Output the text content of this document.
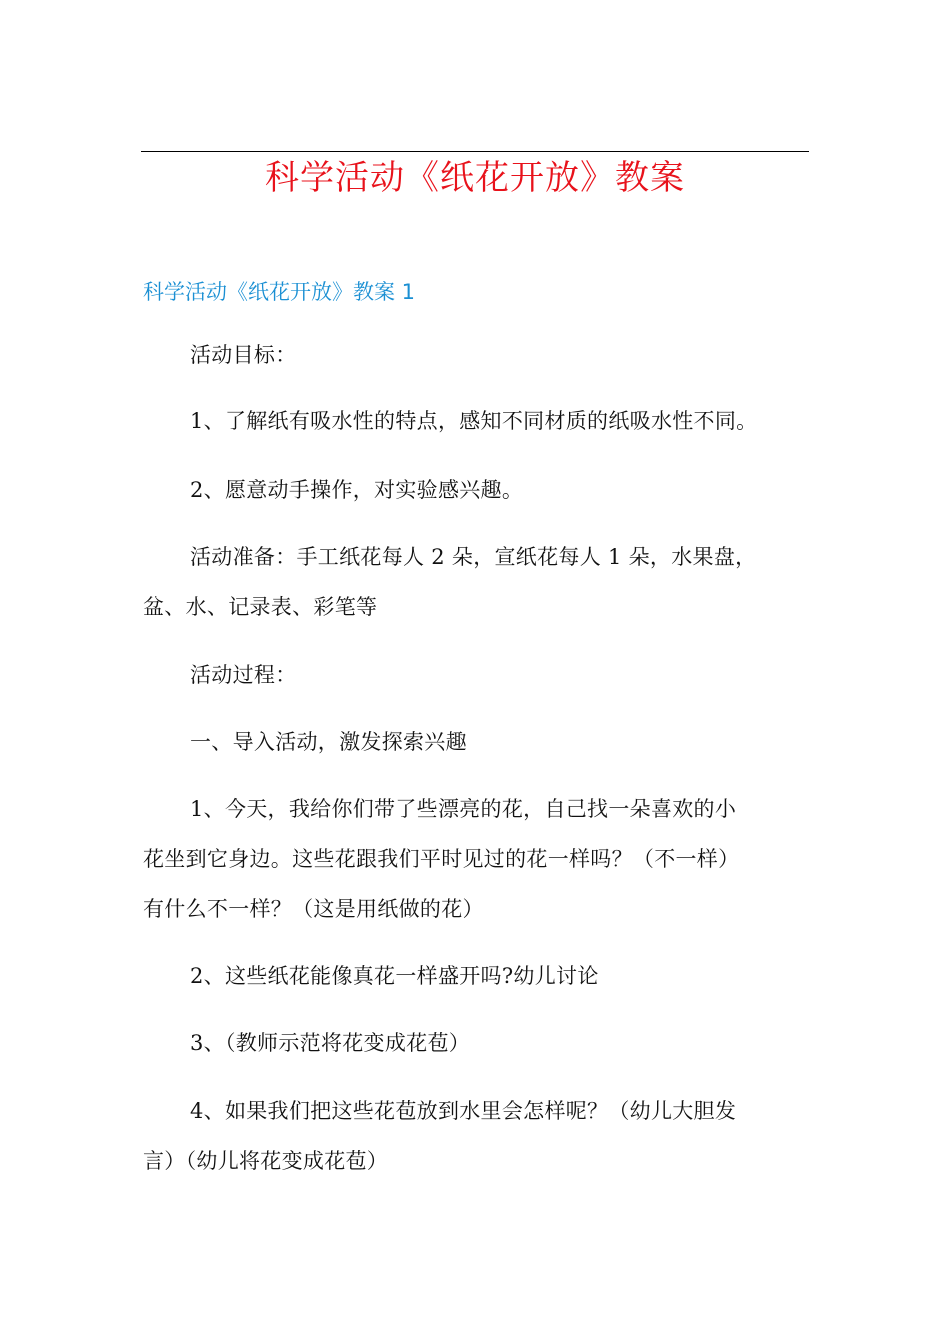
科学活动《纸花开放》教案
科学活动《纸花开放》教案 1
活动目标：
1、了解纸有吸水性的特点，感知不同材质的纸吸水性不同。
2、愿意动手操作，对实验感兴趣。
活动准备：手工纸花每人 2 朵，宣纸花每人 1 朵，水果盘，
盆、水、记录表、彩笔等
活动过程：
一、导入活动，激发探索兴趣
1、今天，我给你们带了些漂亮的花，自己找一朵喜欢的小
花坐到它身边。这些花跟我们平时见过的花一样吗？（不一样）
有什么不一样？（这是用纸做的花）
2、这些纸花能像真花一样盛开吗?幼儿讨论
3、（教师示范将花变成花苞）
4、如果我们把这些花苞放到水里会怎样呢？（幼儿大胆发
言）（幼儿将花变成花苞）
